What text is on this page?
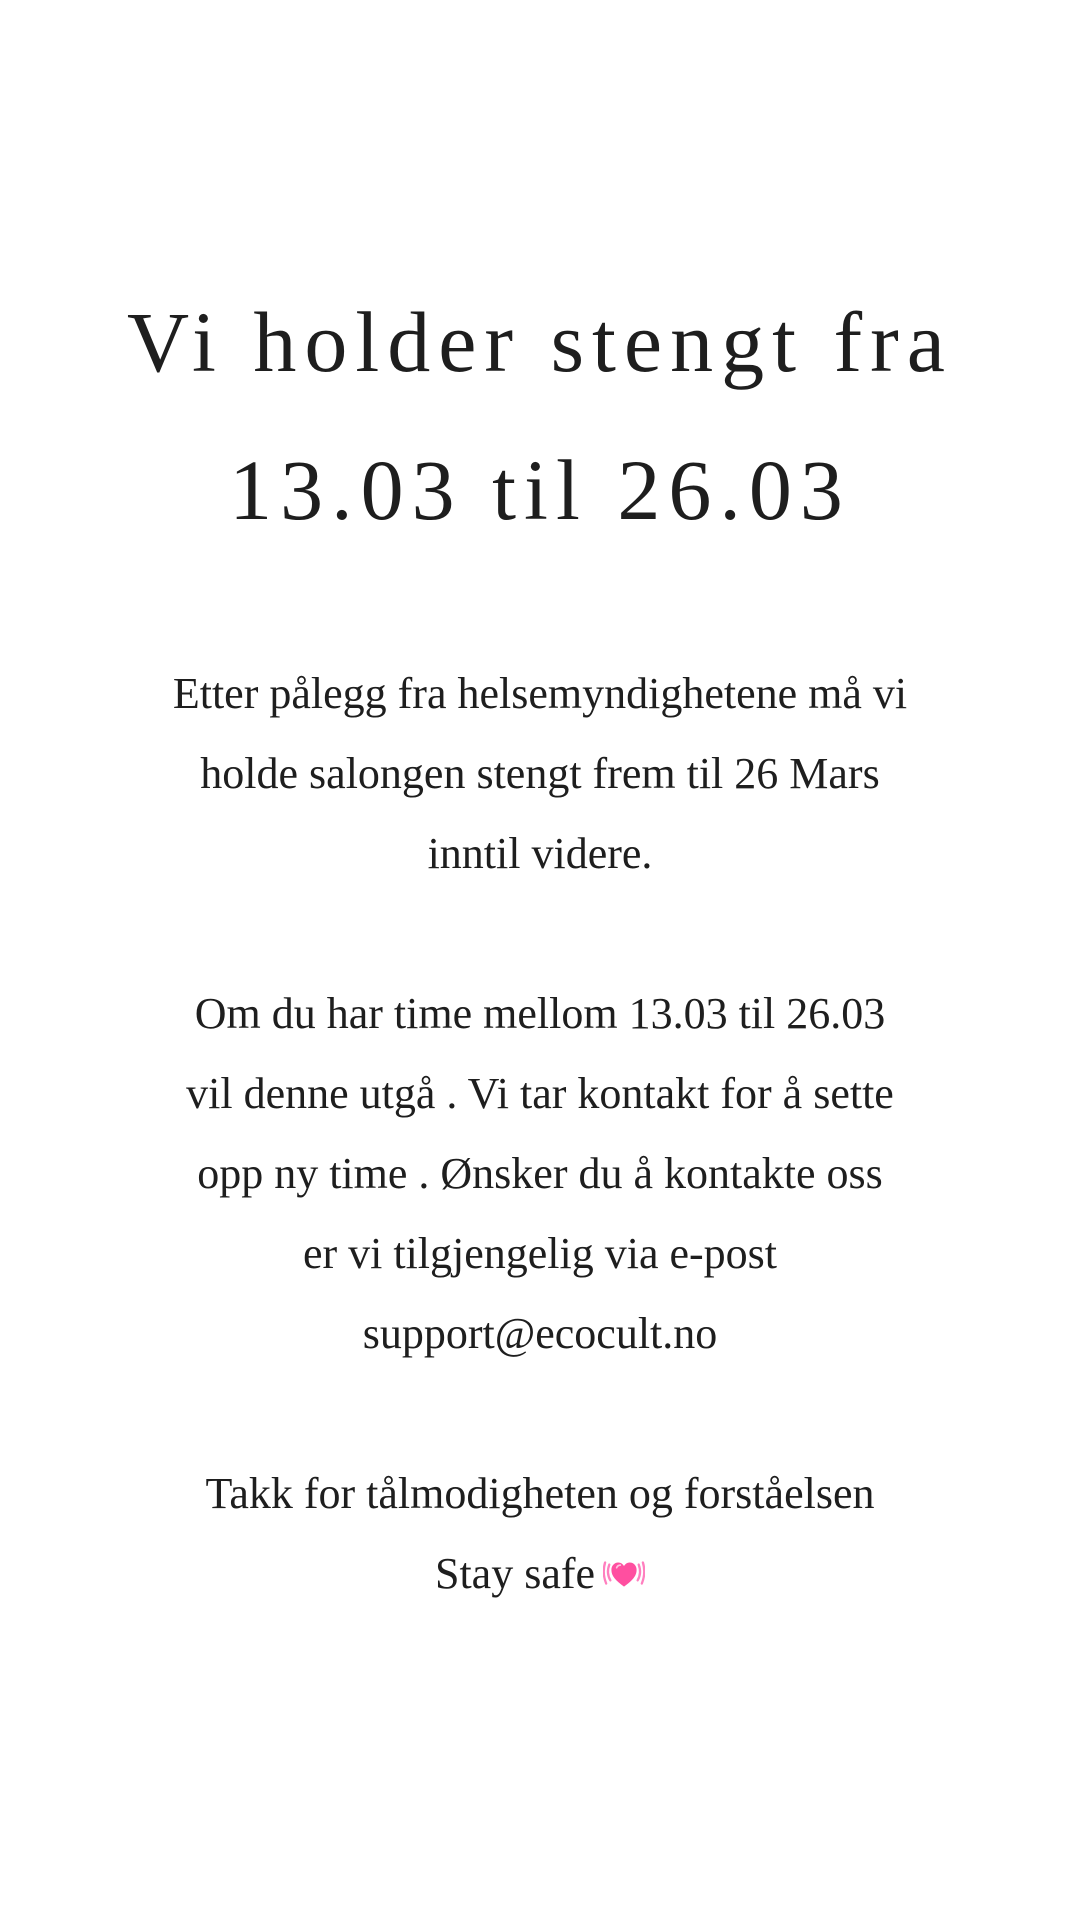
Vi holder stengt fra
13.03 til 26.03

Etter pålegg fra helsemyndighetene må vi
holde salongen stengt frem til 26 Mars
inntil videre.

Om du har time mellom 13.03 til 26.03
vil denne utgå . Vi tar kontakt for å sette
opp ny time . Ønsker du å kontakte oss
er vi tilgjengelig via e-post
support@ecocult.no

Takk for tålmodigheten og forståelsen
Stay safe
